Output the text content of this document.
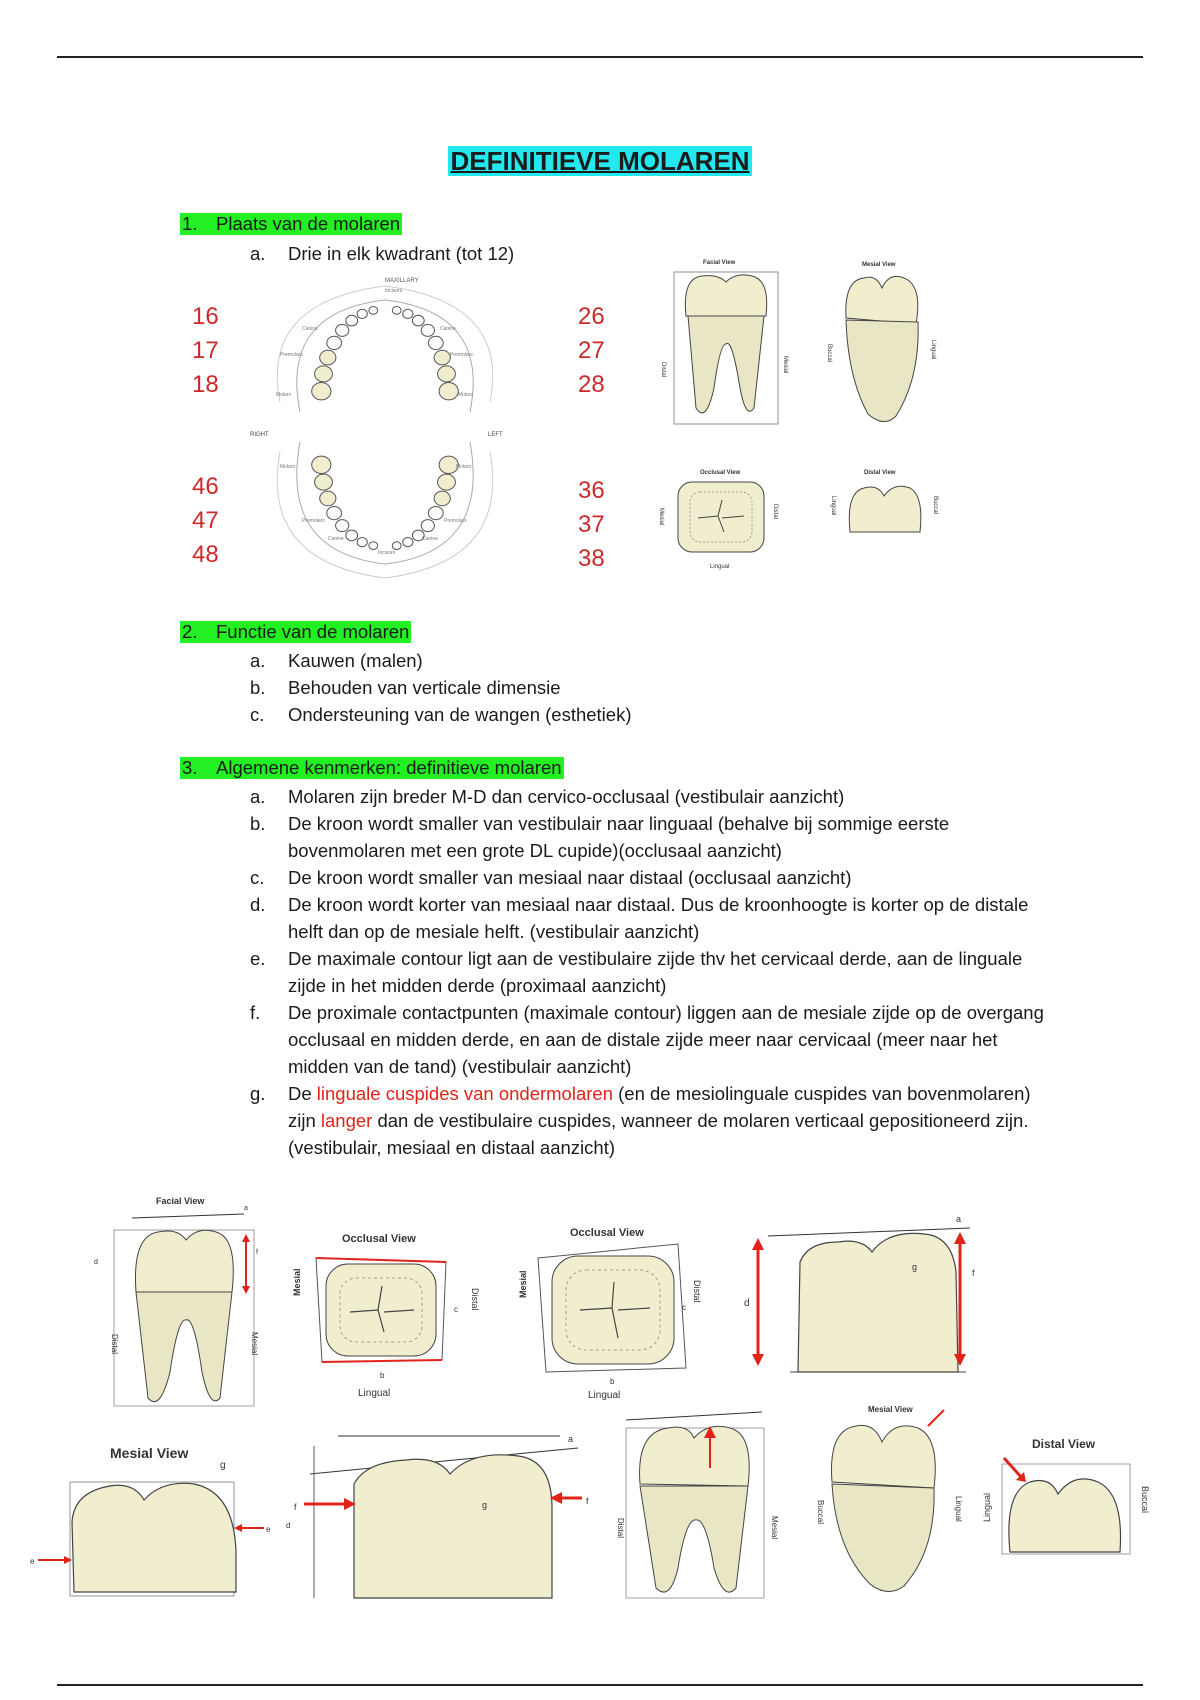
DEFINITIEVE MOLAREN
1. Plaats van de molaren
a. Drie in elk kwadrant (tot 12)
16
17
18
26
27
28
46
47
48
36
37
38
MAXILLARY
Incisors
RIGHT	LEFT
Canine	Canine
Premolars	Premolars
Molars	Molars
Molars	Molars
Premolars	Premolars
Canine	Canine
Incisors
Facial View
Distal	Mesial
Mesial View
Buccal	Lingual
Occlusal View
Mesial	Distal
Lingual
Distal View
Lingual	Buccal
2. Functie van de molaren
a. Kauwen (malen)
b. Behouden van verticale dimensie
c. Ondersteuning van de wangen (esthetiek)
3. Algemene kenmerken: definitieve molaren
a. Molaren zijn breder M-D dan cervico-occlusaal (vestibulair aanzicht)
b. De kroon wordt smaller van vestibulair naar linguaal (behalve bij sommige eerste bovenmolaren met een grote DL cupide)(occlusaal aanzicht)
c. De kroon wordt smaller van mesiaal naar distaal (occlusaal aanzicht)
d. De kroon wordt korter van mesiaal naar distaal. Dus de kroonhoogte is korter op de distale helft dan op de mesiale helft. (vestibulair aanzicht)
e. De maximale contour ligt aan de vestibulaire zijde thv het cervicaal derde, aan de linguale zijde in het midden derde (proximaal aanzicht)
f. De proximale contactpunten (maximale contour) liggen aan de mesiale zijde op de overgang occlusaal en midden derde, en aan de distale zijde meer naar cervicaal (meer naar het midden van de tand) (vestibulair aanzicht)
g. De linguale cuspides van ondermolaren (en de mesiolinguale cuspides van bovenmolaren) zijn langer dan de vestibulaire cuspides, wanneer de molaren verticaal gepositioneerd zijn.(vestibulair, mesiaal en distaal aanzicht)
Facial View
Distal	Mesial
d
a
f
Occlusal View
Mesial
Distal
c
b
Lingual
Occlusal View
Mesial	Distal
c
b
Lingual
a
d
f
g
Mesial View
g
e
e
a
f
f
g
d	Distal	Mesial
Mesial View
Buccal	Lingual
Distal View
Buccal
Lingual
